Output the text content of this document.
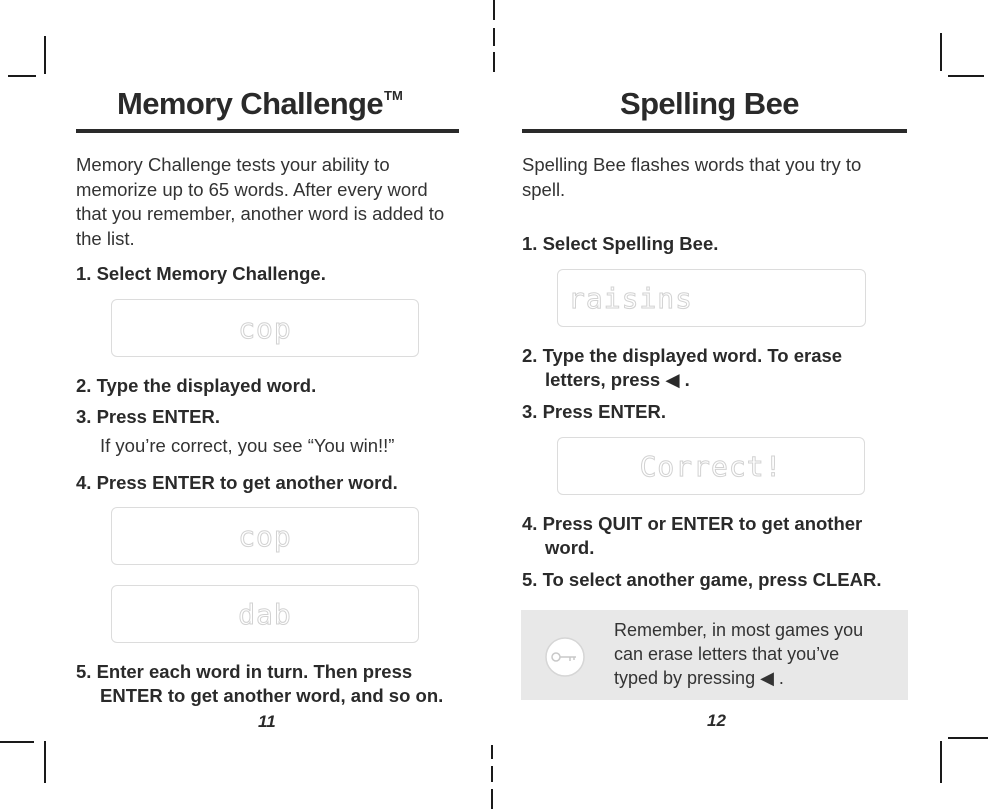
Memory Challenge™
Memory Challenge tests your ability to memorize up to 65 words. After every word that you remember, another word is added to the list.
1. Select Memory Challenge.
cop
2. Type the displayed word.
3. Press ENTER.
If you’re correct, you see “You win!!”
4. Press ENTER to get another word.
cop
dab
5. Enter each word in turn. Then press
ENTER to get another word, and so on.
11
Spelling Bee
Spelling Bee flashes words that you try to spell.
1. Select Spelling Bee.
raisins
2. Type the displayed word. To erase
letters, press ◀ .
3. Press ENTER.
Correct!
4. Press QUIT or ENTER to get another
word.
5. To select another game, press CLEAR.
Remember, in most games you can erase letters that you’ve typed by pressing ◀ .
12
